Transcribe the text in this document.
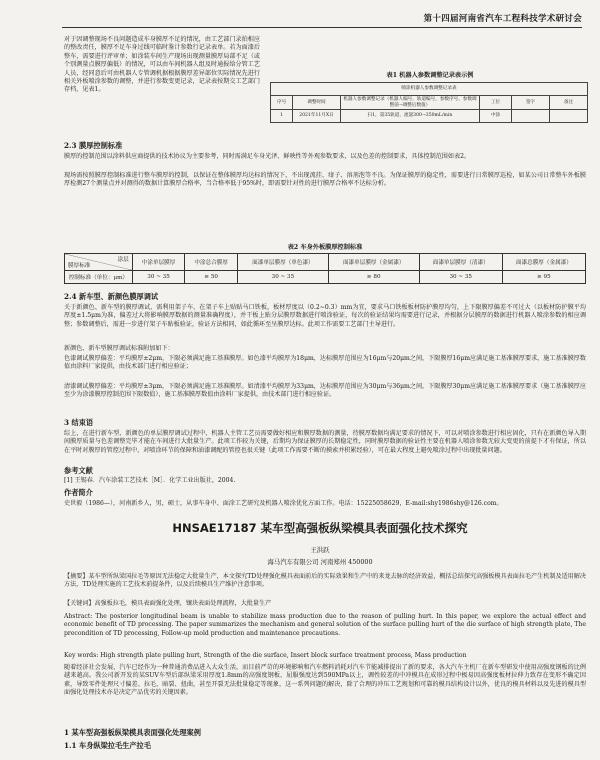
第十四届河南省汽车工程科技学术研讨会
对于因调整现场不良问题造成车身膜厚不足的情况，由工艺部门录拍相应的整改责任，膜厚不足车身过线可临时鉴计参数行记录表单。若为面漆后整车，需要进行评审单；如涂装车间生产现场出现测量膜厚局部不足（或个别测量点膜厚偏低）的情况，可以由车间机器人组及时通报给分管工艺人员，经同意后可由机器人专管调机据根据膜厚差异部位实际情况先进行相关外板喷涂参数的调整，并进行参数变更记录，记录表按期交工艺部门存档，见表1。
表1 机器人参数调整记录表示例
喷涂机器人参数调整记录表					
序号	调整时间	机器人参数调整记录（机器人编号，轨道编号，参数序号，参数调整前→调整后数值）	工位	签字	备注
1	2021年11月X日	扫1，第35轨道，流量300→350mL/min	中涂		
2.3 膜厚控制标准
膜厚的控制范围以涂料供应商提供的技术协议为主要参考，同时需满足车身光泽、鲜映性等外观参数要求，以及色差的控制要求，具体控制范围如表2。
现场需按照膜厚控制标准进行整车膜厚的控制，以保证在整体膜厚均达标的情况下，不出现流挂、痱子、溶剂泡等不良。为保证膜厚的稳定性，需要进行日常膜厚巡检，如某公司日常整车外板膜厚检测27个测量点并对测得的数据计算膜厚合格率，当合格率低于95%时，即需要针对性的进行膜厚合格率不达标分析。
表2 车身外板膜厚控制标准
涂层
膜厚标准	中涂单层膜厚	中涂总合膜厚	面漆单层膜厚（单色漆）	面漆单层膜厚（金属漆）	面漆单层膜厚（清漆）	面漆总膜厚（金属漆）
控制标准（单位：μm）	30 ~ 35	≥ 50	30 ~ 35	≥ 80	30 ~ 35	≥ 95
2.4 新车型、新颜色膜厚调试
关于新颜色、新车型的膜厚调试，需利用架子车，在架子车上贴贴马口铁板，板材厚度以（0.2~0.3）mm为宜，要求马口铁板板材防护膜厚均匀，上下限膜厚偏差不可过大（以板材防护膜平均厚度±1.5μm为准，偏差过大将影响膜厚数据的测量准确程度），并干板上贴分层膜厚数据进行喷涂验证，每次的验证结果均需要进行记录，并根据分层膜厚的数据进行机器人喷涂参数的相应调整；参数调整后，需进一步进行架子车贴板验证，验证方法相同，如此循环至呈膜厚达标。此项工作需要工艺部门主导进行。
新颜色、新车型膜厚调试标准附加如下：
色漆调试膜厚偏差：平均膜厚±2μm，下限必须满足施工基准膜厚。如色漆平均膜厚为18μm，达标膜厚范围应为16μm与20μm之间，下限膜厚16μm应满足施工基准膜厚要求，施工基准膜厚数值由涂料厂家提供，由技术部门进行相应验证；
清漆调试膜厚偏差：平均膜厚±3μm，下限必须满足施工基准膜厚。如清漆平均膜厚为33μm，达标膜厚范围应为30μm与36μm之间，下限膜厚30μm应满足施工基准膜厚要求（施工基准膜厚应至少为涂漆膜厚控制范围下限数值），施工基准膜厚数值由涂料厂家提供，由技术部门进行相应验证。
3 结束语
综上，在进行新车型、新颜色的单层膜厚调试过程中，机器人主管工艺员需要做好相应和膜厚数据的测量，待膜厚数据均满足要求的情况下，可以对喷涂参数进行相应固化，只有在新颜色导入期间膜厚质量与色差调整完毕才能在车间进行大批量生产。此项工作较为关键，后期均为保证膜厚的长期稳定性，同时膜厚数据的验证性主要在机器人喷涂参数无较大变更的前提下才有保证，所以在平时对膜厚的管控过程中，对喷涂环节的保障和油漆调配的管控也很关键（此项工作需要不断的摸索并积累经验），可在最大程度上避免喷涂过程中出现批量问题。
参考文献
[1] 王锡春．汽车涂装工艺技术［M］．化学工业出版社，2004.
作者简介
史世毅（1986—），河南新乡人，男，硕士，从事车身中、面涂工艺研究及机器人喷涂优化方面工作。电话：15225058629，E-mail:shy1986shy@126.com。
HNSAE17187 某车型高强板纵梁模具表面强化技术探究
王洪跃
海马汽车有限公司 河南郑州 450000
【摘要】某车型所纵梁国拉毛等原因无法稳定大批量生产，本文探究TD处理强化模具表面前后的实际效果和生产中的来龙去脉的经济效益，概括总结探究高强板模具表面拉毛产生机制及适用解决方法，TD处理实施的工艺技术前提条件，以及后续模具生产维护注意事项。
【关键词】高强板拉毛，模具表面强化处理，镶块表面处理流程，大批量生产
Abstract: The posterior longitudinal beam is unable to stabilize mass production due to the reason of pulling hurt. In this paper, we explore the actual effect and economic benefit of TD processing. The paper summarizes the mechanism and general solution of the surface pulling hurt of the die surface of high strength plate, The precondition of TD processing, Follow-up mold production and maintenance precautions.
Key words: High strength plate pulling hurt, Strength of the die surface, Insert block surface treatment process, Mass production
随着经济社会发展，汽车已经作为一种普通消费品进入大众生活，而目前严苛的环境影响和汽车燃料消耗对汽车节能减排提出了新的要求，各大汽车主机厂在新车型研发中使用高强度钢板的比例越来越高。我公司新开发的某SUV车型后部纵梁采用厚度1.8mm的高强度钢板，屈服强度达到590MPa以上，调性较差的中冲模具在成形过程中极易因高强度板材拉伸力致存在变形不确定因素，导致零件处理尺寸偏差、拉毛、暗裂、扭曲，甚至开裂无法批量稳定等现象，这一系列问题的解决，除了合理的冲压工艺规划和可靠的模具结构设计以外，优良的模具材料以及先进的模具型面强化处理技术亦是决定产品优劣的关键因素。
1 某车型高强板纵梁模具表面强化处理案例
1.1 车身纵梁拉毛生产拉毛
